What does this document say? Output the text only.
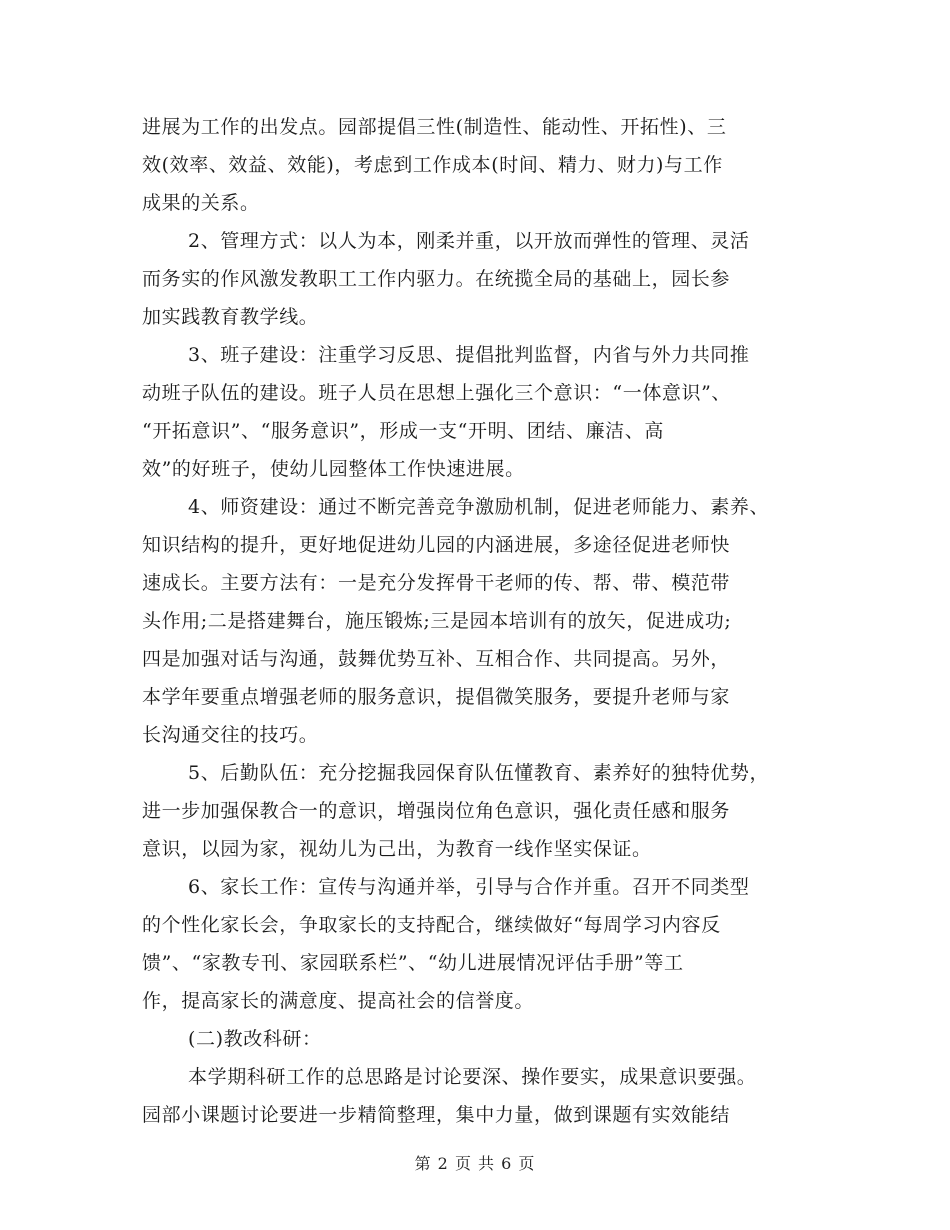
进展为工作的出发点。园部提倡三性(制造性、能动性、开拓性)、三
效(效率、效益、效能)，考虑到工作成本(时间、精力、财力)与工作
成果的关系。
2、管理方式：以人为本，刚柔并重，以开放而弹性的管理、灵活
而务实的作风激发教职工工作内驱力。在统揽全局的基础上，园长参
加实践教育教学线。
3、班子建设：注重学习反思、提倡批判监督，内省与外力共同推
动班子队伍的建设。班子人员在思想上强化三个意识：“一体意识”、
“开拓意识”、“服务意识”，形成一支“开明、团结、廉洁、高
效”的好班子，使幼儿园整体工作快速进展。
4、师资建设：通过不断完善竞争激励机制，促进老师能力、素养、
知识结构的提升，更好地促进幼儿园的内涵进展，多途径促进老师快
速成长。主要方法有：一是充分发挥骨干老师的传、帮、带、模范带
头作用;二是搭建舞台，施压锻炼;三是园本培训有的放矢，促进成功;
四是加强对话与沟通，鼓舞优势互补、互相合作、共同提高。另外，
本学年要重点增强老师的服务意识，提倡微笑服务，要提升老师与家
长沟通交往的技巧。
5、后勤队伍：充分挖掘我园保育队伍懂教育、素养好的独特优势，
进一步加强保教合一的意识，增强岗位角色意识，强化责任感和服务
意识，以园为家，视幼儿为己出，为教育一线作坚实保证。
6、家长工作：宣传与沟通并举，引导与合作并重。召开不同类型
的个性化家长会，争取家长的支持配合，继续做好“每周学习内容反
馈”、“家教专刊、家园联系栏”、“幼儿进展情况评估手册”等工
作，提高家长的满意度、提高社会的信誉度。
(二)教改科研：
本学期科研工作的总思路是讨论要深、操作要实，成果意识要强。
园部小课题讨论要进一步精简整理，集中力量，做到课题有实效能结
第 2 页 共 6 页
